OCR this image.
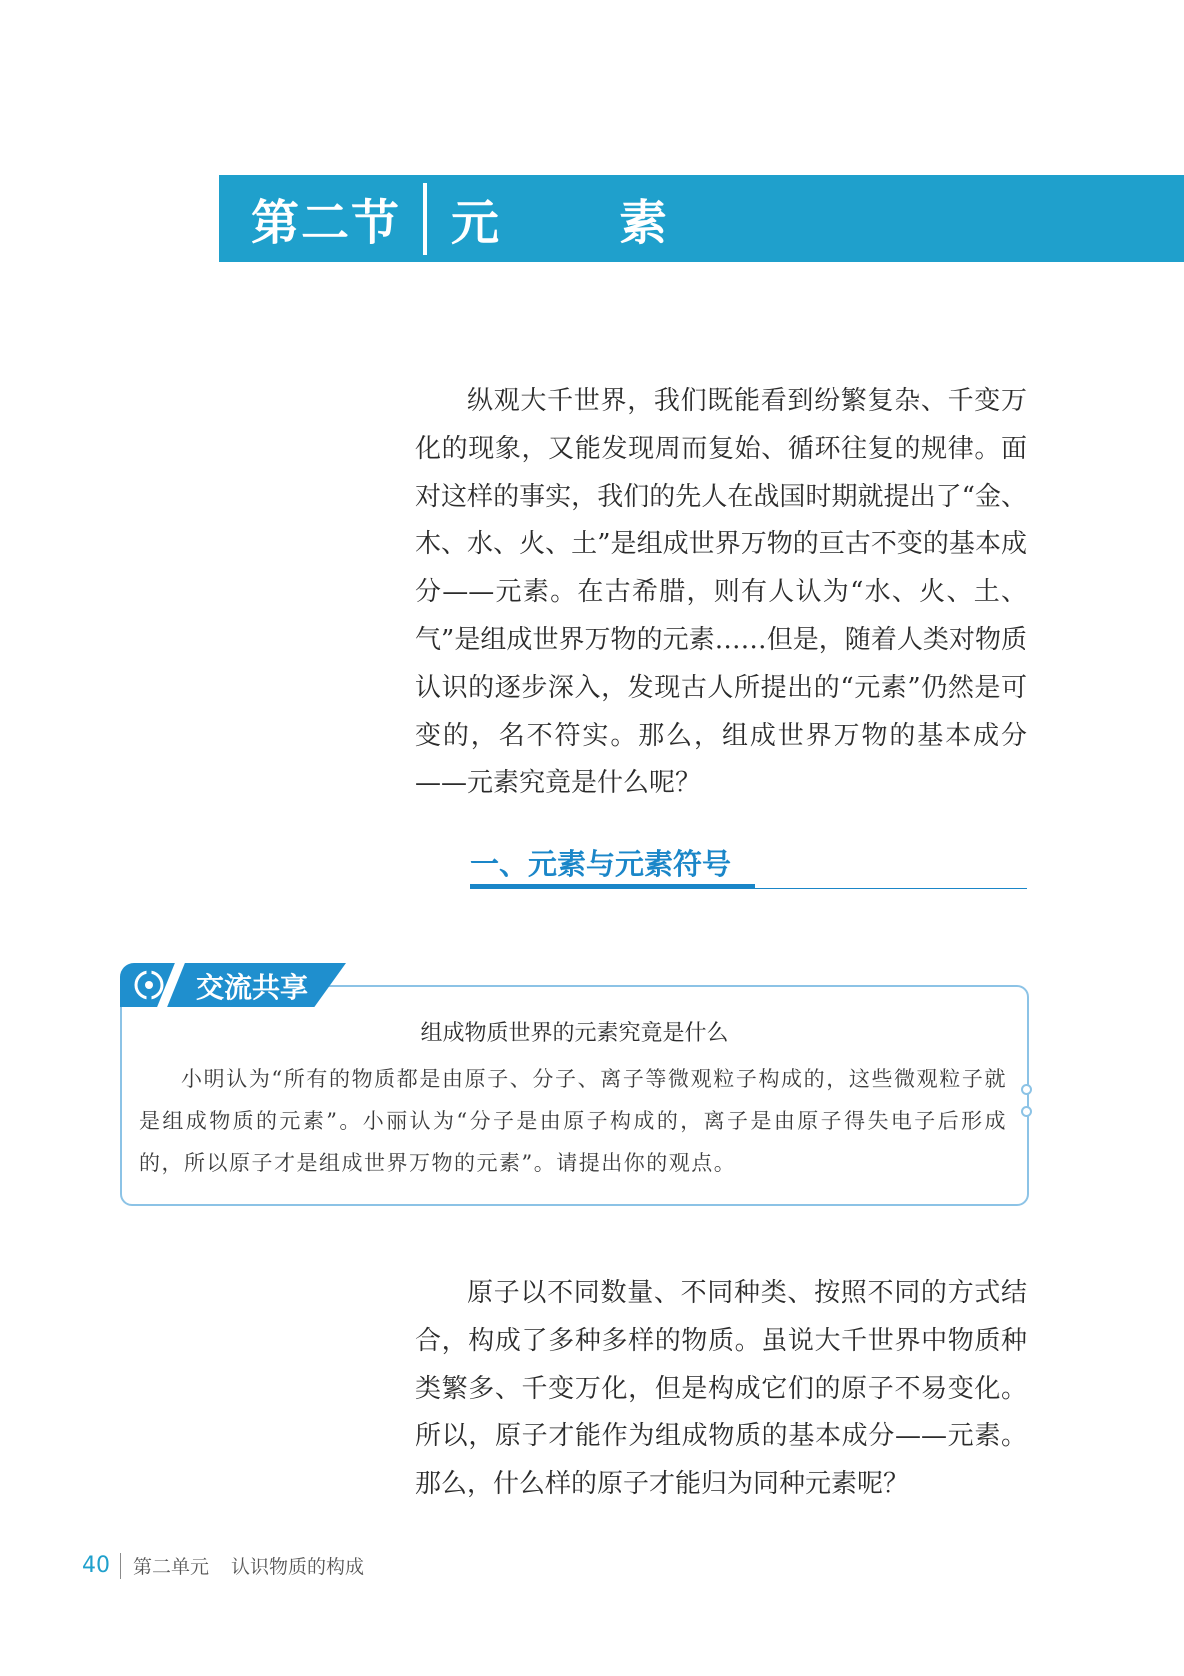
第二节 元　素

纵观大千世界，我们既能看到纷繁复杂、千变万化的现象，又能发现周而复始、循环往复的规律。面对这样的事实，我们的先人在战国时期就提出了“金、木、水、火、土”是组成世界万物的亘古不变的基本成分——元素。在古希腊，则有人认为“水、火、土、气”是组成世界万物的元素……但是，随着人类对物质认识的逐步深入，发现古人所提出的“元素”仍然是可变的，名不符实。那么，组成世界万物的基本成分——元素究竟是什么呢？

一、元素与元素符号
交流共享
组成物质世界的元素究竟是什么

小明认为“所有的物质都是由原子、分子、离子等微观粒子构成的，这些微观粒子就是组成物质的元素”。小丽认为“分子是由原子构成的，离子是由原子得失电子后形成的，所以原子才是组成世界万物的元素”。请提出你的观点。

原子以不同数量、不同种类、按照不同的方式结合，构成了多种多样的物质。虽说大千世界中物质种类繁多、千变万化，但是构成它们的原子不易变化。所以，原子才能作为组成物质的基本成分——元素。那么，什么样的原子才能归为同种元素呢？

40 第二单元 认识物质的构成
